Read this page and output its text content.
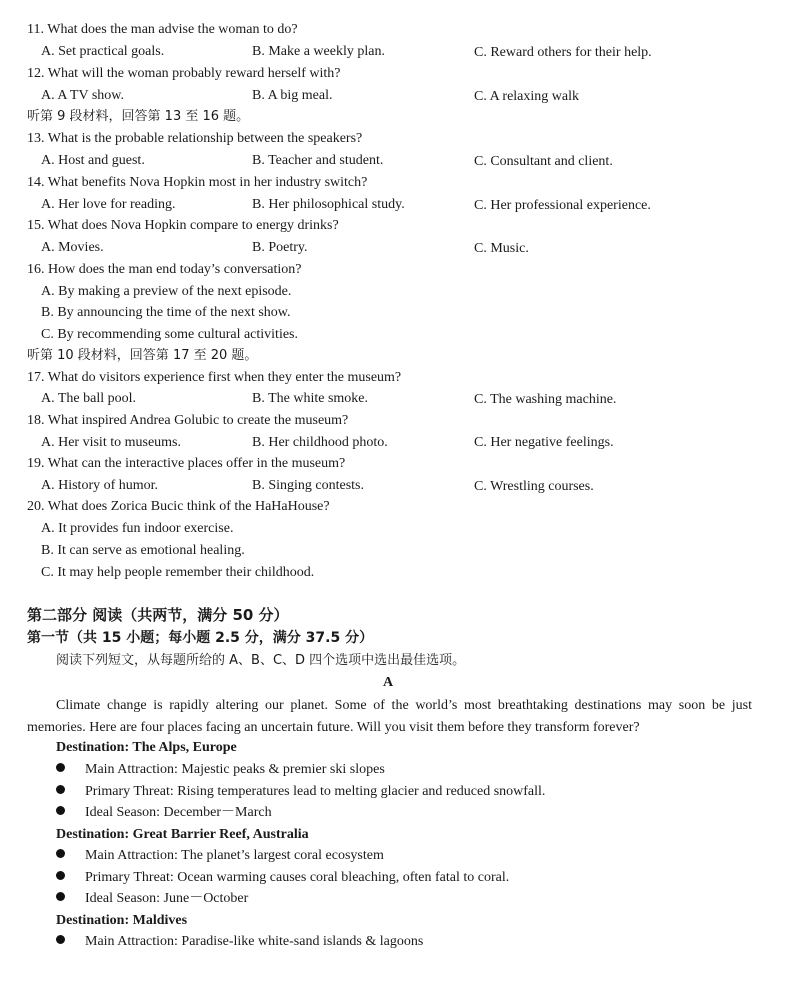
11. What does the man advise the woman to do?
A. Set practical goals.	B. Make a weekly plan.	C. Reward others for their help.
12. What will the woman probably reward herself with?
A. A TV show.	B. A big meal.	C. A relaxing walk
听第 9 段材料，回答第 13 至 16 题。
13. What is the probable relationship between the speakers?
A. Host and guest.	B. Teacher and student.	C. Consultant and client.
14. What benefits Nova Hopkin most in her industry switch?
A. Her love for reading.	B. Her philosophical study.	C. Her professional experience.
15. What does Nova Hopkin compare to energy drinks?
A. Movies.	B. Poetry.	C. Music.
16. How does the man end today’s conversation?
A. By making a preview of the next episode.
B. By announcing the time of the next show.
C. By recommending some cultural activities.
听第 10 段材料，回答第 17 至 20 题。
17. What do visitors experience first when they enter the museum?
A. The ball pool.	B. The white smoke.	C. The washing machine.
18. What inspired Andrea Golubic to create the museum?
A. Her visit to museums.	B. Her childhood photo.	C. Her negative feelings.
19. What can the interactive places offer in the museum?
A. History of humor.	B. Singing contests.	C. Wrestling courses.
20. What does Zorica Bucic think of the HaHaHouse?
A. It provides fun indoor exercise.
B. It can serve as emotional healing.
C. It may help people remember their childhood.
第二部分 阅读（共两节，满分 50 分）
第一节（共 15 小题；每小题 2.5 分，满分 37.5 分）
阅读下列短文，从每题所给的 A、B、C、D 四个选项中选出最佳选项。
A
Climate change is rapidly altering our planet. Some of the world’s most breathtaking destinations may soon be just memories. Here are four places facing an uncertain future. Will you visit them before they transform forever?
Destination: The Alps, Europe
Main Attraction: Majestic peaks & premier ski slopes
Primary Threat: Rising temperatures lead to melting glacier and reduced snowfall.
Ideal Season: December－March
Destination: Great Barrier Reef, Australia
Main Attraction: The planet’s largest coral ecosystem
Primary Threat: Ocean warming causes coral bleaching, often fatal to coral.
Ideal Season: June－October
Destination: Maldives
Main Attraction: Paradise-like white-sand islands & lagoons
